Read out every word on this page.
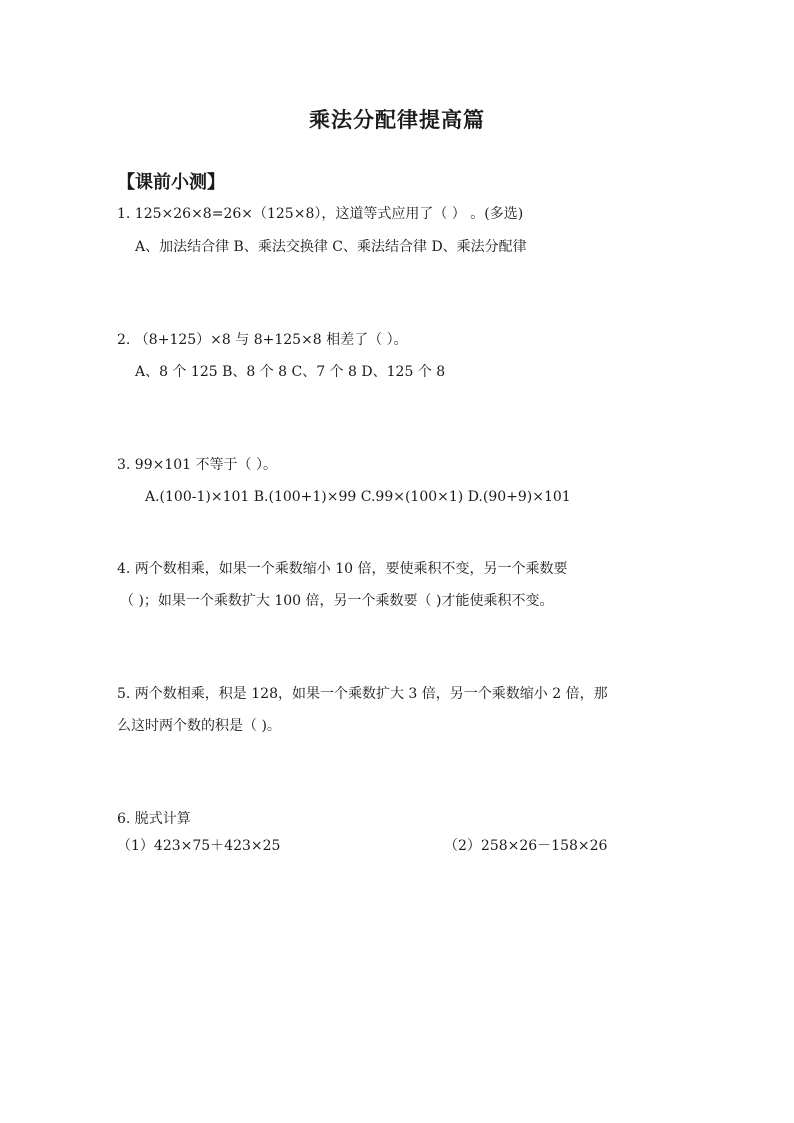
乘法分配律提高篇
【课前小测】
1. 125×26×8=26×（125×8），这道等式应用了（ ） 。(多选)
A、加法结合律 B、乘法交换律 C、乘法结合律 D、乘法分配律
2. （8+125）×8 与 8+125×8 相差了（ ）。
A、8 个 125 B、8 个 8 C、7 个 8 D、125 个 8
3. 99×101 不等于（ ）。
A.(100-1)×101 B.(100+1)×99 C.99×(100×1) D.(90+9)×101
4. 两个数相乘，如果一个乘数缩小 10 倍，要使乘积不变，另一个乘数要
（ )；如果一个乘数扩大 100 倍，另一个乘数要（ )才能使乘积不变。
5. 两个数相乘，积是 128，如果一个乘数扩大 3 倍，另一个乘数缩小 2 倍，那
么这时两个数的积是（ )。
6. 脱式计算
（1）423×75＋423×25	（2）258×26－158×26
